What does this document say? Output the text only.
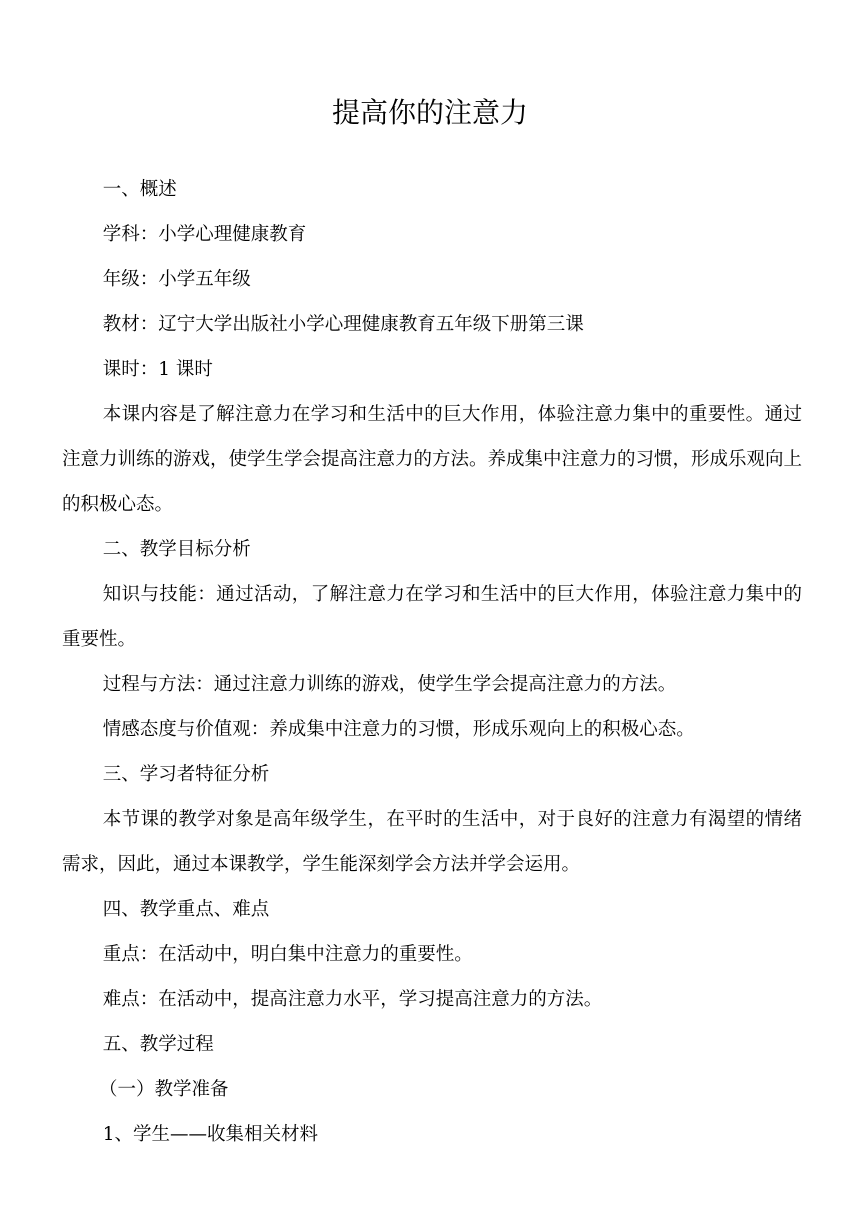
提高你的注意力

一、概述

学科：小学心理健康教育

年级：小学五年级

教材：辽宁大学出版社小学心理健康教育五年级下册第三课

课时：1 课时

本课内容是了解注意力在学习和生活中的巨大作用，体验注意力集中的重要性。通过注意力训练的游戏，使学生学会提高注意力的方法。养成集中注意力的习惯，形成乐观向上的积极心态。

二、教学目标分析

知识与技能：通过活动，了解注意力在学习和生活中的巨大作用，体验注意力集中的重要性。

过程与方法：通过注意力训练的游戏，使学生学会提高注意力的方法。

情感态度与价值观：养成集中注意力的习惯，形成乐观向上的积极心态。

三、学习者特征分析

本节课的教学对象是高年级学生，在平时的生活中，对于良好的注意力有渴望的情绪需求，因此，通过本课教学，学生能深刻学会方法并学会运用。

四、教学重点、难点

重点：在活动中，明白集中注意力的重要性。

难点：在活动中，提高注意力水平，学习提高注意力的方法。

五、教学过程

（一）教学准备

1、学生——收集相关材料
